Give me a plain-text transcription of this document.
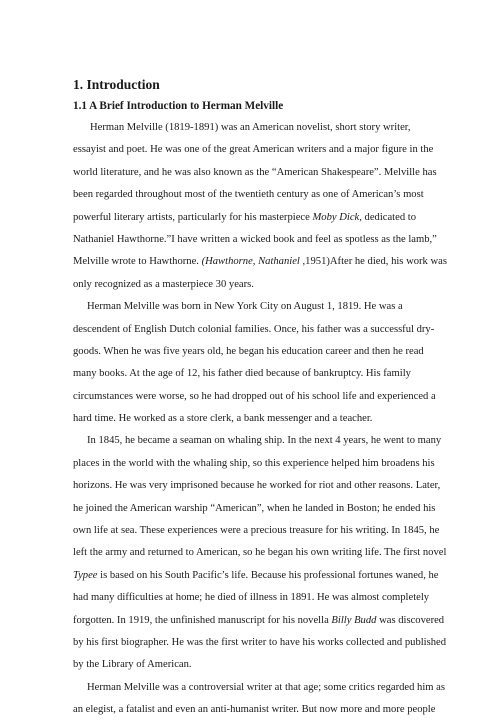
1. Introduction
1.1 A Brief Introduction to Herman Melville
Herman Melville (1819-1891) was an American novelist, short story writer,
essayist and poet. He was one of the great American writers and a major figure in the
world literature, and he was also known as the “American Shakespeare”. Melville has
been regarded throughout most of the twentieth century as one of American’s most
powerful literary artists, particularly for his masterpiece Moby Dick, dedicated to
Nathaniel Hawthorne.”I have written a wicked book and feel as spotless as the lamb,”
Melville wrote to Hawthorne. (Hawthorne, Nathaniel ,1951)After he died, his work was
only recognized as a masterpiece 30 years.
Herman Melville was born in New York City on August 1, 1819. He was a
descendent of English Dutch colonial families. Once, his father was a successful dry-
goods. When he was five years old, he began his education career and then he read
many books. At the age of 12, his father died because of bankruptcy. His family
circumstances were worse, so he had dropped out of his school life and experienced a
hard time. He worked as a store clerk, a bank messenger and a teacher.
In 1845, he became a seaman on whaling ship. In the next 4 years, he went to many
places in the world with the whaling ship, so this experience helped him broadens his
horizons. He was very imprisoned because he worked for riot and other reasons. Later,
he joined the American warship “American”, when he landed in Boston; he ended his
own life at sea. These experiences were a precious treasure for his writing. In 1845, he
left the army and returned to American, so he began his own writing life. The first novel
Typee is based on his South Pacific’s life. Because his professional fortunes waned, he
had many difficulties at home; he died of illness in 1891. He was almost completely
forgotten. In 1919, the unfinished manuscript for his novella Billy Budd was discovered
by his first biographer. He was the first writer to have his works collected and published
by the Library of American.
Herman Melville was a controversial writer at that age; some critics regarded him as
an elegist, a fatalist and even an anti-humanist writer. But now more and more people
